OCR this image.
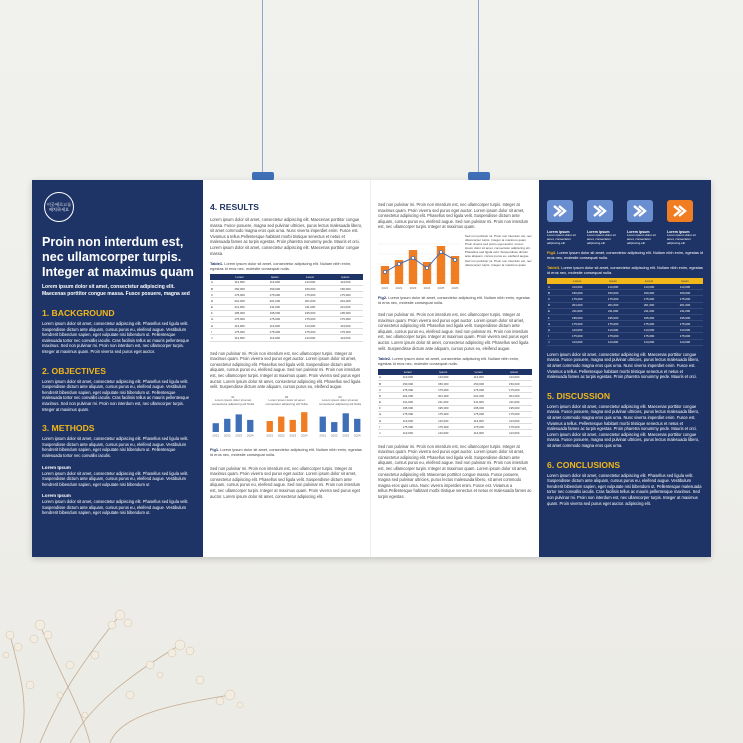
이곳에로고를
배치하세요
Proin non interdum est, nec ullamcorper turpis. Integer at maximus quam
Lorem ipsum dolor sit amet, consectetur adipiscing elit. Maecenas porttitor congue massa. Fusce posuere, magna sed
1. BACKGROUND
Lorem ipsum dolor sit amet, consectetur adipiscing elit. Phasellus sed ligula velit. Suspendisse dictum ante aliquam, cursus purus eu, eleifend augue. Vestibulum hendrerit bibendum sapien, eget vulputate nisi bibendum ut. Pellentesque malesuada tortor nec convallis iaculis. Cras facilisis tellus ac mauris pellentesque maximus. Sed non pulvinar mi. Proin non interdum est, nec ullamcorper turpis. Integer at maximus quam. Proin viverra sed purus eget auctor.
2. OBJECTIVES
Lorem ipsum dolor sit amet, consectetur adipiscing elit. Phasellus sed ligula velit. Suspendisse dictum ante aliquam, cursus purus eu, eleifend augue. Vestibulum hendrerit bibendum sapien, eget vulputate nisi bibendum ut. Pellentesque malesuada tortor nec convallis iaculis. Cras facilisis tellus ac mauris pellentesque maximus. Sed non pulvinar mi. Proin non interdum est, nec ullamcorper turpis. Integer at maximus quam.
3. METHODS
Lorem ipsum dolor sit amet, consectetur adipiscing elit. Phasellus sed ligula velit. Suspendisse dictum ante aliquam, cursus purus eu, eleifend augue. Vestibulum hendrerit bibendum sapien, eget vulputate nisi bibendum ut. Pellentesque malesuada tortor nec convallis iaculis.
Lorem Ipsum
Lorem ipsum dolor sit amet, consectetur adipiscing elit. Phasellus sed ligula velit. Suspendisse dictum ante aliquam, cursus purus eu, eleifend augue. Vestibulum hendrerit bibendum sapien, eget vulputate nisi bibendum ut
Lorem Ipsum
Lorem ipsum dolor sit amet, consectetur adipiscing elit. Phasellus sed ligula velit. Suspendisse dictum ante aliquam, cursus purus eu, eleifend augue. Vestibulum hendrerit bibendum sapien, eget vulputate nisi bibendum ut.
4. RESULTS
Lorem ipsum dolor sit amet, consectetur adipiscing elit. Maecenas porttitor congue massa. Fusce posuere, magna sed pulvinar ultricies, purus lectus malesuada libero, sit amet commodo magna eros quis urna. Nunc viverra imperdiet enim. Fusce est. Vivamus a tellus.Pellentesque habitant morbi tristique senectus et netus et malesuada fames ac turpis egestas. Proin pharetra nonummy pede. Mauris et orci. Lorem ipsum dolor sit amet, consectetur adipiscing elit. Maecenas porttitor congue massa.
Table1. Lorem ipsum dolor sit amet, consectetur adipiscing elit. Nullam nibh enim, egestas id eros nec, molestie consequat nulla.
	Lorem	Ipsum	Lorem	Ipsum
A	113,000	113,000	113,000	113,000
B	150,000	150,000	150,000	150,000
C	175,000	175,000	175,000	175,000
D	201,000	201,000	201,000	201,000
E	211,000	211,000	211,000	211,000
F	195,000	195,000	195,000	195,000
G	175,000	175,000	175,000	175,000
H	113,000	113,000	113,000	113,000
I	175,000	175,000	175,000	175,000
J	113,000	113,000	113,000	113,000
Sed non pulvinar mi. Proin non interdum est, nec ullamcorper turpis. Integer at maximus quam. Proin viverra sed purus eget auctor. Lorem ipsum dolor sit amet, consectetur adipiscing elit. Phasellus sed ligula velit. Suspendisse dictum ante aliquam, cursus purus eu, eleifend augue. Sed non pulvinar mi. Proin non interdum est, nec ullamcorper turpis. Integer at maximus quam. Proin viverra sed purus eget auctor. Lorem ipsum dolor sit amet, consectetur adipiscing elit. Phasellus sed ligula velit. Suspendisse dictum ante aliquam, cursus purus eu, eleifend augue.
01
Lorem ipsum dolor sit amet consectetur adipiscing elit Nulla
2021 2022 2023 2024
02
Lorem ipsum dolor sit amet consectetur adipiscing elit Nulla
2021 2022 2023 2024
03
Lorem ipsum dolor sit amet consectetur adipiscing elit Nulla
2021 2022 2023 2024
Fig1. Lorem ipsum dolor sit amet, consectetur adipiscing elit. Nullam nibh enim, egestas id eros nec, molestie consequat nulla.
Sed non pulvinar mi. Proin non interdum est, nec ullamcorper turpis. Integer at maximus quam. Proin viverra sed purus eget auctor. Lorem ipsum dolor sit amet, consectetur adipiscing elit. Phasellus sed ligula velit. Suspendisse dictum ante aliquam, cursus purus eu, eleifend augue. Sed non pulvinar mi. Proin non interdum est, nec ullamcorper turpis. Integer at maximus quam. Proin viverra sed purus eget auctor. Lorem ipsum dolor sit amet, consectetur adipiscing elit.
Sed non pulvinar mi. Proin non interdum est, nec ullamcorper turpis. Integer at maximus quam. Proin viverra sed purus eget auctor. Lorem ipsum dolor sit amet, consectetur adipiscing elit. Phasellus sed ligula velit. Suspendisse dictum ante aliquam, cursus purus eu, eleifend augue. Sed non pulvinar mi. Proin non interdum est, nec ullamcorper turpis. Integer at maximus quam.
2021 2022 2023 2024 2025 2026
Sed non pulvinar mi. Proin non interdum est, nec ullamcorper turpis. Integer at maximus quam. Proin viverra sed purus eget auctor. Lorem ipsum dolor sit amet, consectetur adipiscing elit. Phasellus sed ligula velit. Suspendisse dictum ante aliquam, cursus purus eu, eleifend augue. Sed non pulvinar mi. Proin non interdum est, nec ullamcorper turpis. Integer at maximus quam.
Fig2. Lorem ipsum dolor sit amet, consectetur adipiscing elit. Nullam nibh enim, egestas id eros nec, molestie consequat nulla.
Sed non pulvinar mi. Proin non interdum est, nec ullamcorper turpis. Integer at maximus quam. Proin viverra sed purus eget auctor. Lorem ipsum dolor sit amet, consectetur adipiscing elit. Phasellus sed ligula velit. Suspendisse dictum ante aliquam, cursus purus eu, eleifend augue. Sed non pulvinar mi. Proin non interdum est, nec ullamcorper turpis. Integer at maximus quam. Proin viverra sed purus eget auctor. Lorem ipsum dolor sit amet, consectetur adipiscing elit. Phasellus sed ligula velit. Suspendisse dictum ante aliquam, cursus purus eu, eleifend augue.
Table2. Lorem ipsum dolor sit amet, consectetur adipiscing elit. Nullam nibh enim, egestas id eros nec, molestie consequat nulla.
	Lorem	Ipsum	Lorem	Ipsum
A	113,000	113,000	113,000	113,000
B	150,000	150,000	150,000	150,000
C	175,000	175,000	175,000	175,000
D	201,000	201,000	201,000	201,000
E	211,000	211,000	211,000	211,000
F	195,000	195,000	195,000	195,000
G	175,000	175,000	175,000	175,000
H	113,000	113,000	113,000	113,000
I	175,000	175,000	175,000	175,000
J	113,000	113,000	113,000	113,000
Sed non pulvinar mi. Proin non interdum est, nec ullamcorper turpis. Integer at maximus quam. Proin viverra sed purus eget auctor. Lorem ipsum dolor sit amet, consectetur adipiscing elit. Phasellus sed ligula velit. Suspendisse dictum ante aliquam, cursus purus eu, eleifend augue. Sed non pulvinar mi. Proin non interdum est, nec ullamcorper turpis. Integer at maximus quam. Lorem ipsum dolor sit amet, consectetur adipiscing elit. Maecenas porttitor congue massa. Fusce posuere, magna sed pulvinar ultricies, purus lectus malesuada libero, sit amet commodo magna eros quis urna. Nunc viverra imperdiet enim. Fusce est. Vivamus a tellus.Pellentesque habitant morbi tristique senectus et netus et malesuada fames ac turpis egestas.
Lorem ipsum
Lorem ipsum dolor sit amet, consectetur adipiscing elit
Lorem ipsum
Lorem ipsum dolor sit amet, consectetur adipiscing elit
Lorem ipsum
Lorem ipsum dolor sit amet, consectetur adipiscing elit
Lorem ipsum
Lorem ipsum dolor sit amet, consectetur adipiscing elit
Fig3. Lorem ipsum dolor sit amet, consectetur adipiscing elit. Nullam nibh enim, egestas id eros nec, molestie consequat nulla.
Table3. Lorem ipsum dolor sit amet, consectetur adipiscing elit. Nullam nibh enim, egestas id eros nec, molestie consequat nulla.
	Lorem	Ipsum	Lorem	Ipsum
A	113,000	113,000	113,000	113,000
B	150,000	150,000	150,000	150,000
C	175,000	175,000	175,000	175,000
D	201,000	201,000	201,000	201,000
E	211,000	211,000	211,000	211,000
F	195,000	195,000	195,000	195,000
G	175,000	175,000	175,000	175,000
H	113,000	113,000	113,000	113,000
I	175,000	175,000	175,000	175,000
J	113,000	113,000	113,000	113,000
Lorem ipsum dolor sit amet, consectetur adipiscing elit. Maecenas porttitor congue massa. Fusce posuere, magna sed pulvinar ultricies, purus lectus malesuada libero, sit amet commodo magna eros quis urna. Nunc viverra imperdiet enim. Fusce est. Vivamus a tellus. Pellentesque habitant morbi tristique senectus et netus et malesuada fames ac turpis egestas. Proin pharetra nonummy pede. Mauris et orci.
5. DISCUSSION
Lorem ipsum dolor sit amet, consectetur adipiscing elit. Maecenas porttitor congue massa. Fusce posuere, magna sed pulvinar ultricies, purus lectus malesuada libero, sit amet commodo magna eros quis urna. Nunc viverra imperdiet enim. Fusce est. Vivamus a tellus. Pellentesque habitant morbi tristique senectus et netus et malesuada fames ac turpis egestas. Proin pharetra nonummy pede. Mauris et orci. Lorem ipsum dolor sit amet, consectetur adipiscing elit. Maecenas porttitor congue massa. Fusce posuere, magna sed pulvinar ultricies, purus lectus malesuada libero, sit amet commodo magna eros quis urna.
6. CONCLUSIONS
Lorem ipsum dolor sit amet, consectetur adipiscing elit. Phasellus sed ligula velit. Suspendisse dictum ante aliquam, cursus purus eu, eleifend augue. Vestibulum hendrerit bibendum sapien, eget vulputate nisi bibendum ut. Pellentesque malesuada tortor nec convallis iaculis. Cras facilisis tellus ac mauris pellentesque maximus. Sed non pulvinar mi. Proin non interdum est, nec ullamcorper turpis. Integer at maximus quam. Proin viverra sed purus eget auctor. adipiscing elit.
